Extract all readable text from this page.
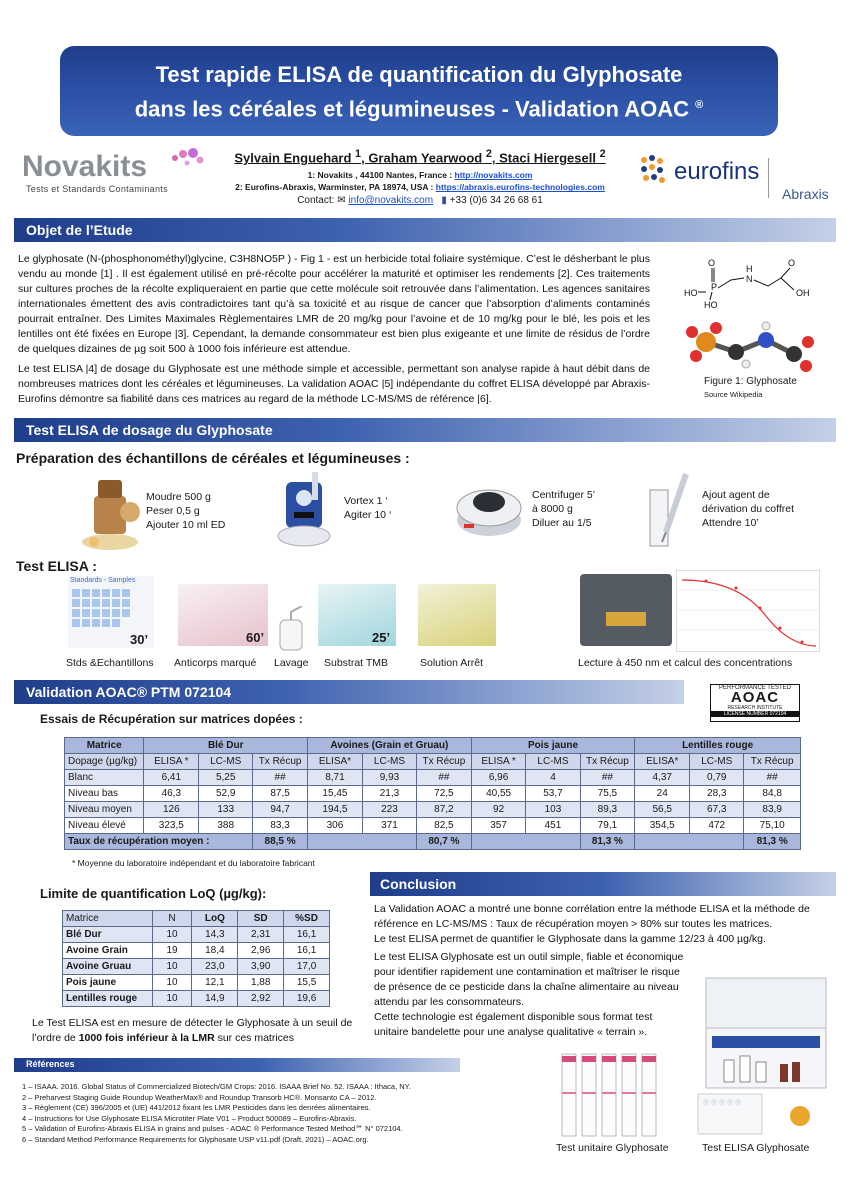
Test rapide ELISA de quantification du Glyphosate
dans les céréales et légumineuses - Validation AOAC ®
Novakits
Tests et Standards Contaminants
Sylvain Enguehard $^1$, Graham Yearwood $^2$, Staci Hiergesell $^2$
1: Novakits , 44100 Nantes, France : http://novakits.com
2: Eurofins-Abraxis, Warminster, PA 18974, USA : https://abraxis.eurofins-technologies.com
Contact: ✉ info@novakits.com ▮ +33 (0)6 34 26 68 61
eurofins
Abraxis
Objet de l’Etude
Le glyphosate (N-(phosphonométhyl)glycine, C3H8NO5P ) - Fig 1 - est un herbicide total foliaire systémique. C’est le désherbant le plus vendu au monde [1] . Il est également utilisé en pré-récolte pour accélérer la maturité et optimiser les rendements [2]. Ces traitements sur cultures proches de la récolte expliqueraient en partie que cette molécule soit retrouvée dans l’alimentation. Les agences sanitaires internationales émettent des avis contradictoires tant qu’à sa toxicité et au risque de cancer que l’absorption d’aliments contaminés pourrait entraîner. Des Limites Maximales Règlementaires LMR de 20 mg/kg pour l’avoine et de 10 mg/kg pour le blé, les pois et les lentilles ont été fixées en Europe |3]. Cependant, la demande consommateur est bien plus exigeante et une limite de résidus de l’ordre de quelques dizaines de µg soit 500 à 1000 fois inférieure est attendue.
Le test ELISA |4] de dosage du Glyphosate est une méthode simple et accessible, permettant son analyse rapide à haut débit dans de nombreuses matrices dont les céréales et légumineuses. La validation AOAC |5] indépendante du coffret ELISA développé par Abraxis-Eurofins démontre sa fiabilité dans ces matrices au regard de la méthode LC-MS/MS de référence |6].
O
P
HO
HO
H
N
O
OH
Figure 1: Glyphosate
Source Wikipedia
Test ELISA de dosage du Glyphosate
Préparation des échantillons de céréales et légumineuses :
Moudre 500 g
Peser 0,5 g
Ajouter 10 ml ED
Vortex 1 ‘
Agiter 10 ‘
Centrifuger 5’
à 8000 g
Diluer au 1/5
Ajout agent de
dérivation du coffret
Attendre 10’
Test ELISA :
Standards - Samples
30’	60’	25’
Stds &Echantillons Anticorps marqué Lavage Substrat TMB	Solution Arrêt	Lecture à 450 nm et calcul des concentrations
Validation AOAC® PTM 072104	PERFORMANCE TESTED
AOAC
RESEARCH INSTITUTE
LICENSE NUMBER 072104
Essais de Récupération sur matrices dopées :
Matrice	Blé Dur			Avoines (Grain et Gruau)			Pois jaune			Lentilles rouge		
Dopage (µg/kg)	ELISA *	LC-MS	Tx Récup	ELISA*	LC-MS	Tx Récup	ELISA *	LC-MS	Tx Récup	ELISA*	LC-MS	Tx Récup
Blanc	6,41	5,25	##	8,71	9,93	##	6,96	4	##	4,37	0,79	##
Niveau bas	46,3	52,9	87,5	15,45	21,3	72,5	40,55	53,7	75,5	24	28,3	84,8
Niveau moyen	126	133	94,7	194,5	223	87,2	92	103	89,3	56,5	67,3	83,9
Niveau élevé	323,5	388	83,3	306	371	82,5	357	451	79,1	354,5	472	75,10
Taux de récupération moyen :			88,5 %			80,7 %			81,3 %			81,3 %
* Moyenne du laboratoire indépendant et du laboratoire fabricant
Limite de quantification LoQ (µg/kg):
Matrice	N	LoQ	SD	%SD
Blé Dur	10	14,3	2,31	16,1
Avoine Grain	19	18,4	2,96	16,1
Avoine Gruau	10	23,0	3,90	17,0
Pois jaune	10	12,1	1,88	15,5
Lentilles rouge	10	14,9	2,92	19,6
Le Test ELISA est en mesure de détecter le Glyphosate à un seuil de l’ordre de 1000 fois inférieur à la LMR sur ces matrices
Conclusion
La Validation AOAC a montré une bonne corrélation entre la méthode ELISA et la méthode de référence en LC-MS/MS : Taux de récupération moyen > 80% sur toutes les matrices.
Le test ELISA permet de quantifier le Glyphosate dans la gamme 12/23 à 400 µg/kg.
Le test ELISA Glyphosate est un outil simple, fiable et économique pour identifier rapidement une contamination et maîtriser le risque de présence de ce pesticide dans la chaîne alimentaire au niveau attendu par les consommateurs.
Cette technologie est également disponible sous format test unitaire bandelette pour une analyse qualitative « terrain ».
Test unitaire Glyphosate	Test ELISA Glyphosate
Références
1 – ISAAA. 2016. Global Status of Commercialized Biotech/GM Crops: 2016. ISAAA Brief No. 52. ISAAA : Ithaca, NY.
2 – Preharvest Staging Guide Roundup WeatherMax® and Roundup Transorb HC®. Monsanto CA – 2012.
3 – Règlement (CE) 396/2005 et (UE) 441/2012 fixant les LMR Pesticides dans les denrées alimentaires.
4 – Instructions for Use Glyphosate ELISA Microtiter Plate V01 – Product 500089 – Eurofins-Abraxis.
5 – Validation of Eurofins-Abraxis ELISA in grains and pulses - AOAC ® Performance Tested Method℠ N° 072104.
6 – Standard Method Performance Requirements for Glyphosate USP v11.pdf (Draft, 2021) – AOAC.org.
